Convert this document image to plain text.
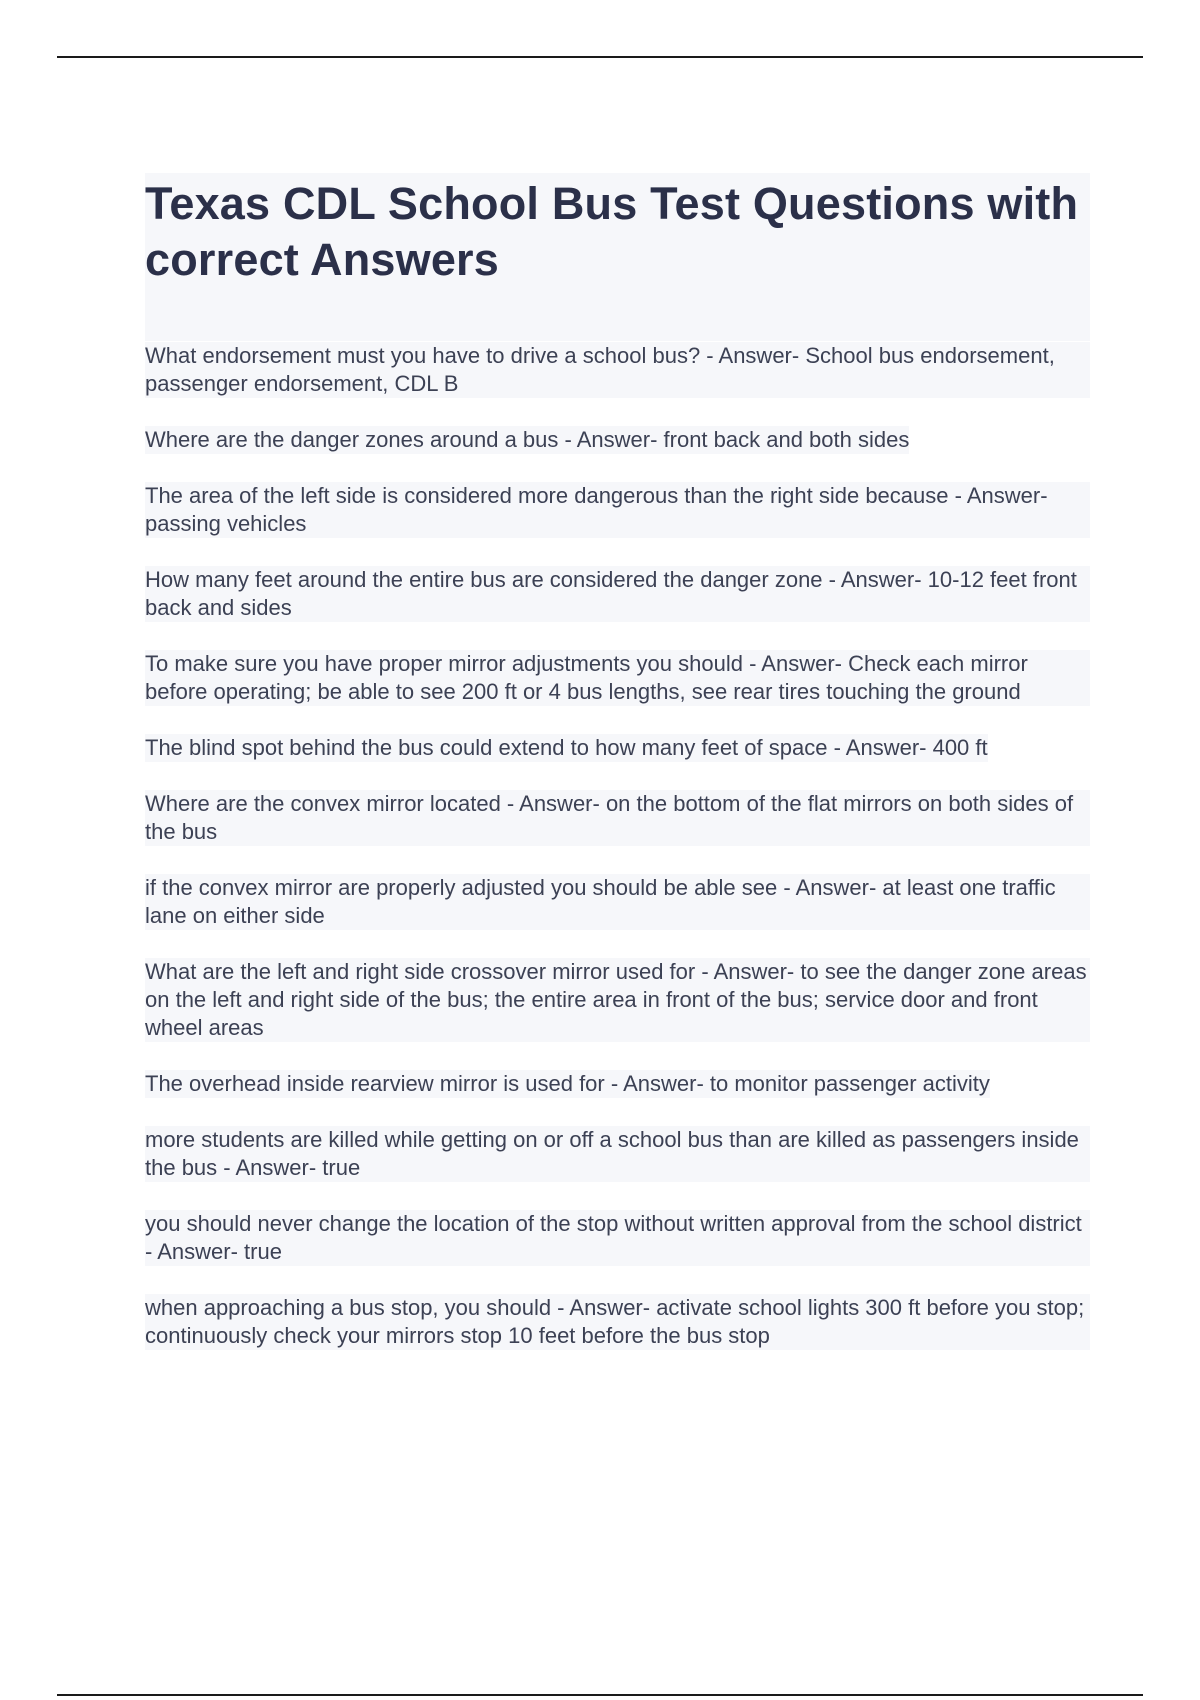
Texas CDL School Bus Test Questions with correct Answers
What endorsement must you have to drive a school bus? - Answer- School bus endorsement, passenger endorsement, CDL B
Where are the danger zones around a bus - Answer- front back and both sides
The area of the left side is considered more dangerous than the right side because - Answer- passing vehicles
How many feet around the entire bus are considered the danger zone - Answer- 10-12 feet front back and sides
To make sure you have proper mirror adjustments you should - Answer- Check each mirror before operating; be able to see 200 ft or 4 bus lengths, see rear tires touching the ground
The blind spot behind the bus could extend to how many feet of space - Answer- 400 ft
Where are the convex mirror located - Answer- on the bottom of the flat mirrors on both sides of the bus
if the convex mirror are properly adjusted you should be able see - Answer- at least one traffic lane on either side
What are the left and right side crossover mirror used for - Answer- to see the danger zone areas on the left and right side of the bus; the entire area in front of the bus; service door and front wheel areas
The overhead inside rearview mirror is used for - Answer- to monitor passenger activity
more students are killed while getting on or off a school bus than are killed as passengers inside the bus - Answer- true
you should never change the location of the stop without written approval from the school district - Answer- true
when approaching a bus stop, you should - Answer- activate school lights 300 ft before you stop; continuously check your mirrors stop 10 feet before the bus stop
